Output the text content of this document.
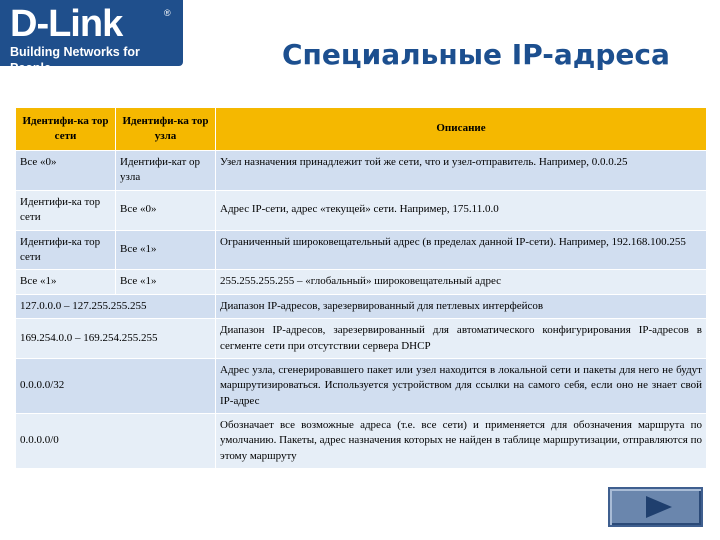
D-Link	®
Building Networks for People	Специальные IP-адреса
Идентифи-ка тор сети	Идентифи-ка тор узла	Описание
Все «0»	Идентифи-кат ор узла	Узел назначения принадлежит той же сети, что и узел-отправитель. Например, 0.0.0.25
Идентифи-ка тор сети	Все «0»	Адрес IP-сети, адрес «текущей» сети. Например, 175.11.0.0
Идентифи-ка тор сети	Все «1»	Ограниченный широковещательный адрес (в пределах данной IP-сети). Например, 192.168.100.255
Все «1»	Все «1»	255.255.255.255 – «глобальный» широковещательный адрес
127.0.0.0 – 127.255.255.255		Диапазон IP-адресов, зарезервированный для петлевых интерфейсов
169.254.0.0 – 169.254.255.255		Диапазон IP-адресов, зарезервированный для автоматического конфигурирования IP-адресов в сегменте сети при отсутствии сервера DHCP
0.0.0.0/32		Адрес узла, сгенерировавшего пакет или узел находится в локальной сети и пакеты для него не будут маршрутизироваться. Используется устройством для ссылки на самого себя, если оно не знает свой IP-адрес
0.0.0.0/0		Обозначает все возможные адреса (т.е. все сети) и применяется для обозначения маршрута по умолчанию. Пакеты, адрес назначения которых не найден в таблице маршрутизации, отправляются по этому маршруту
